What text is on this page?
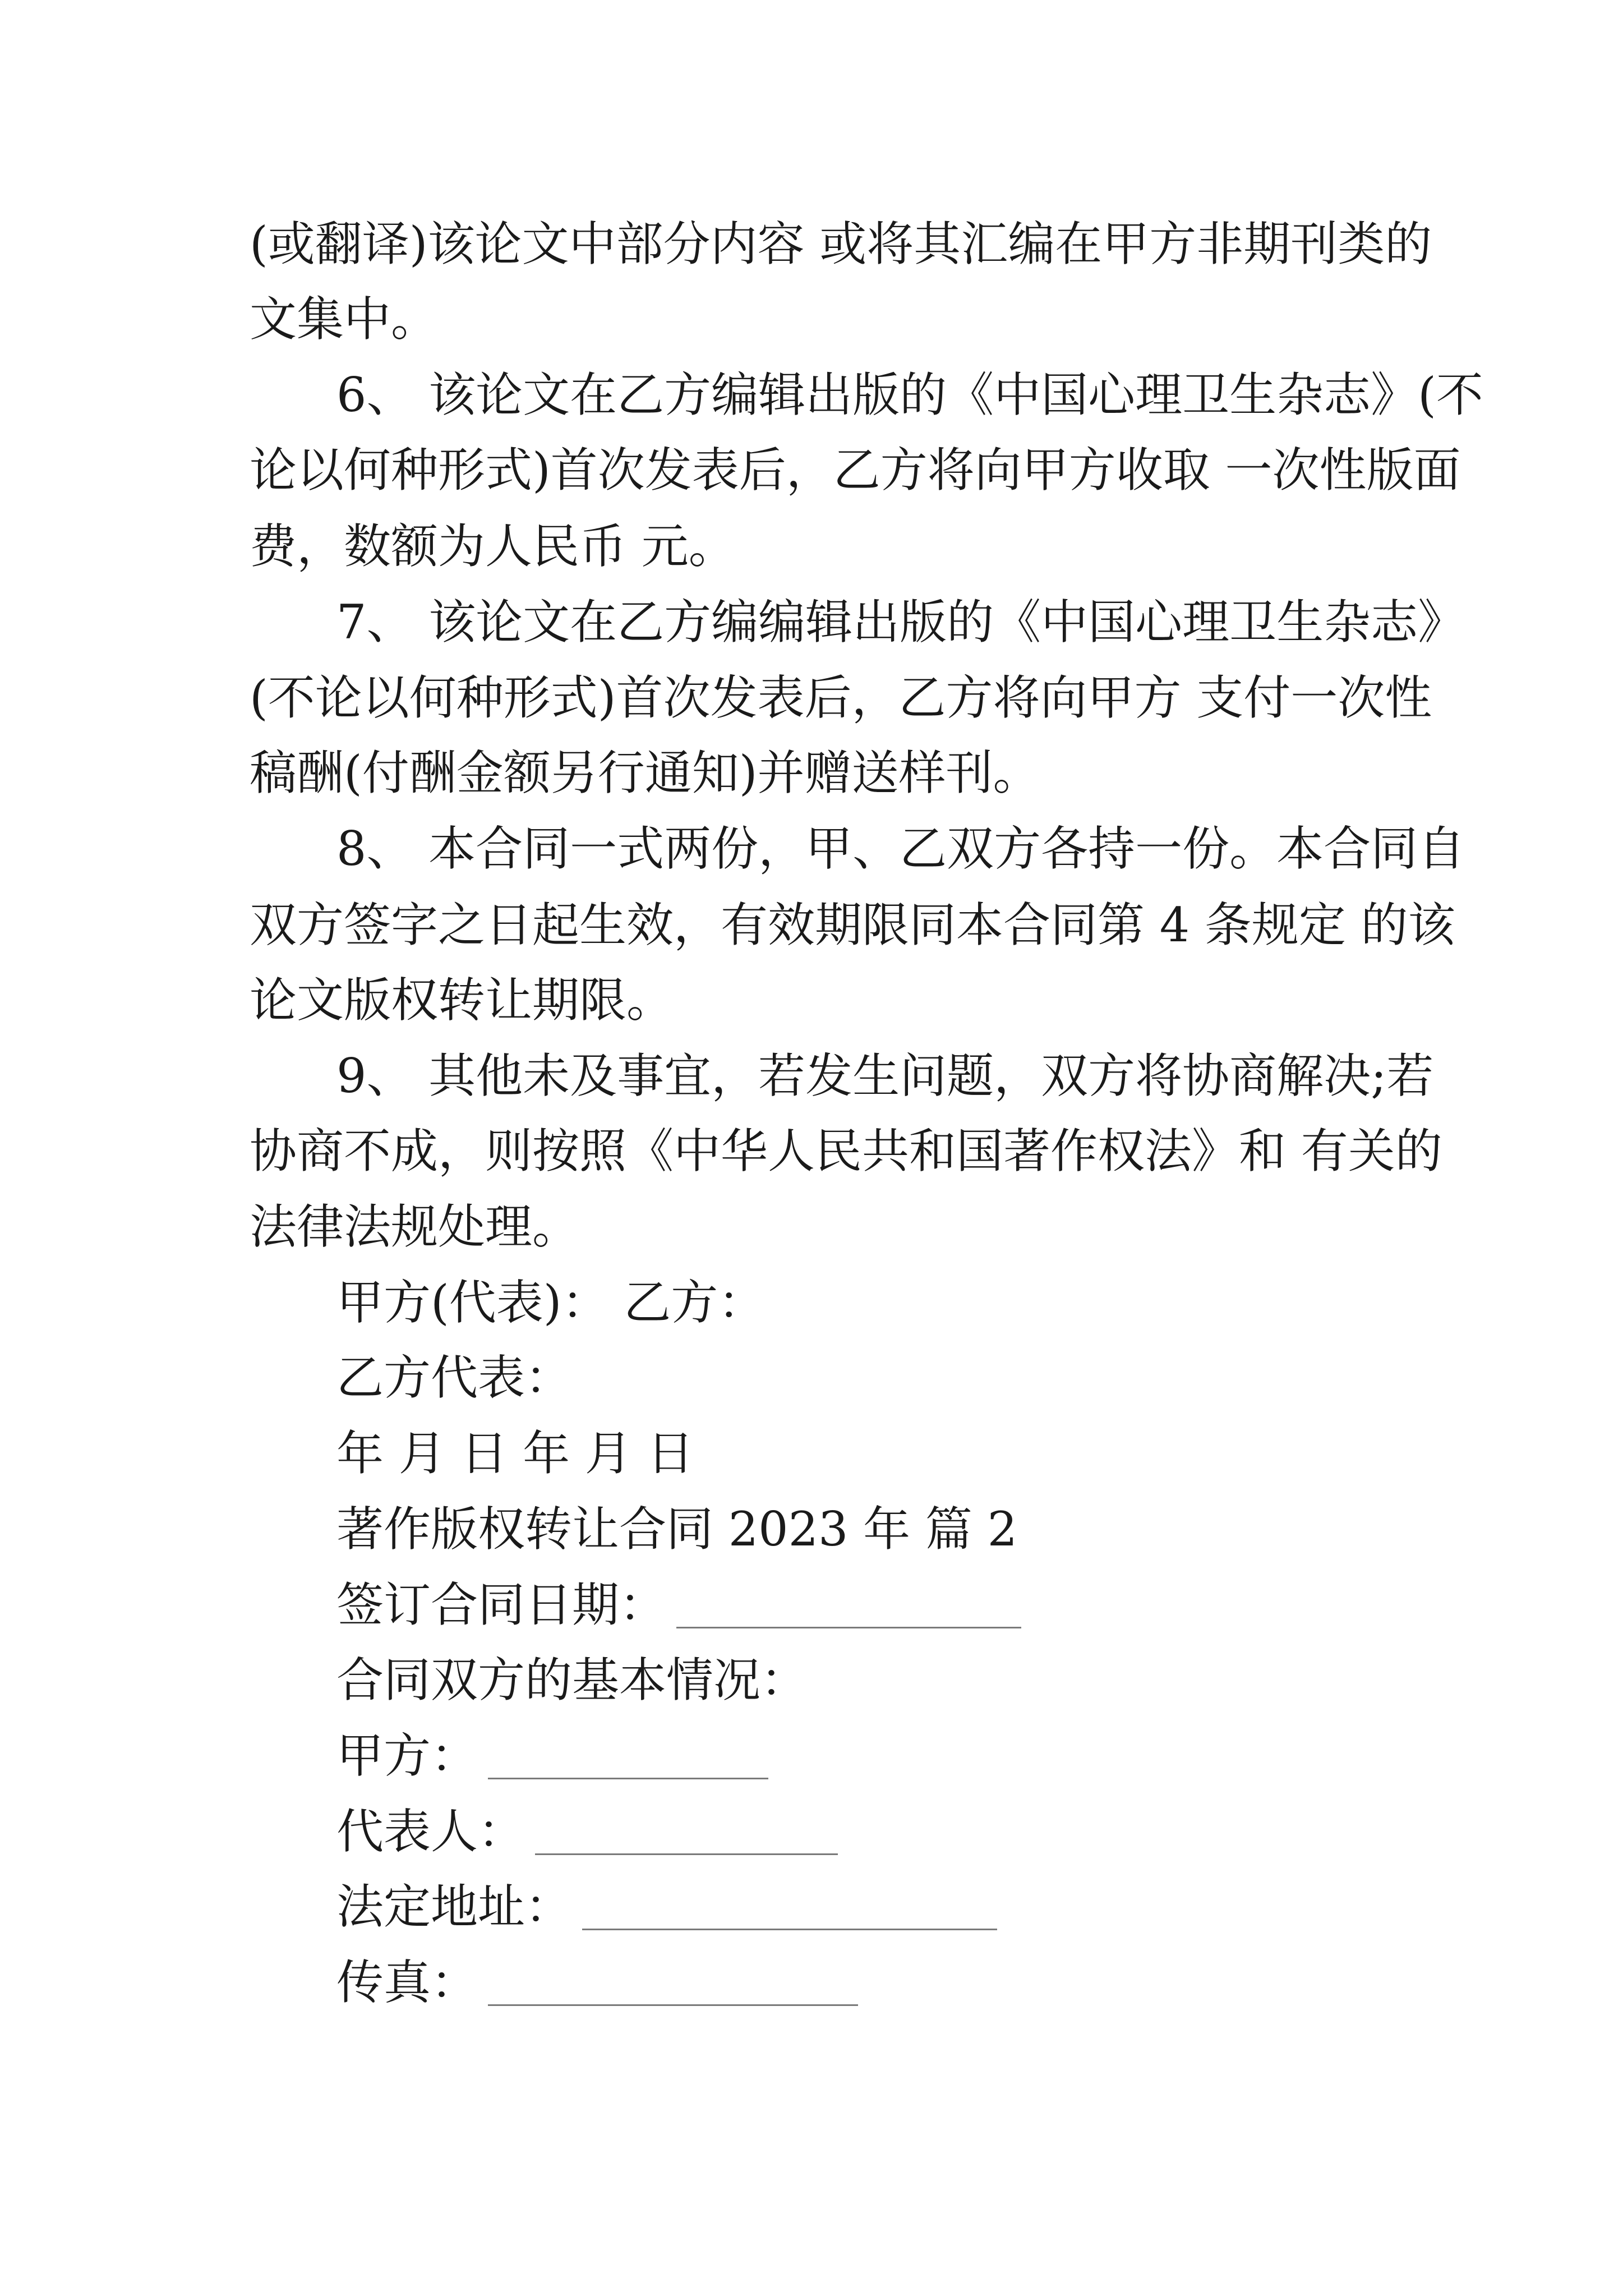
(或翻译)该论文中部分内容 或将其汇编在甲方非期刊类的
文集中。
6、 该论文在乙方编辑出版的《中国心理卫生杂志》(不
论以何种形式)首次发表后，乙方将向甲方收取 一次性版面
费，数额为人民币 元。
7、 该论文在乙方编编辑出版的《中国心理卫生杂志》
(不论以何种形式)首次发表后，乙方将向甲方 支付一次性
稿酬(付酬金额另行通知)并赠送样刊。
8、 本合同一式两份，甲、乙双方各持一份。本合同自
双方签字之日起生效，有效期限同本合同第 4 条规定 的该
论文版权转让期限。
9、 其他未及事宜，若发生问题，双方将协商解决;若
协商不成，则按照《中华人民共和国著作权法》和 有关的
法律法规处理。
甲方(代表)： 乙方：
乙方代表：
年 月 日 年 月 日
著作版权转让合同 2023 年 篇 2
签订合同日期：
合同双方的基本情况：
甲方：
代表人：
法定地址：
传真：
